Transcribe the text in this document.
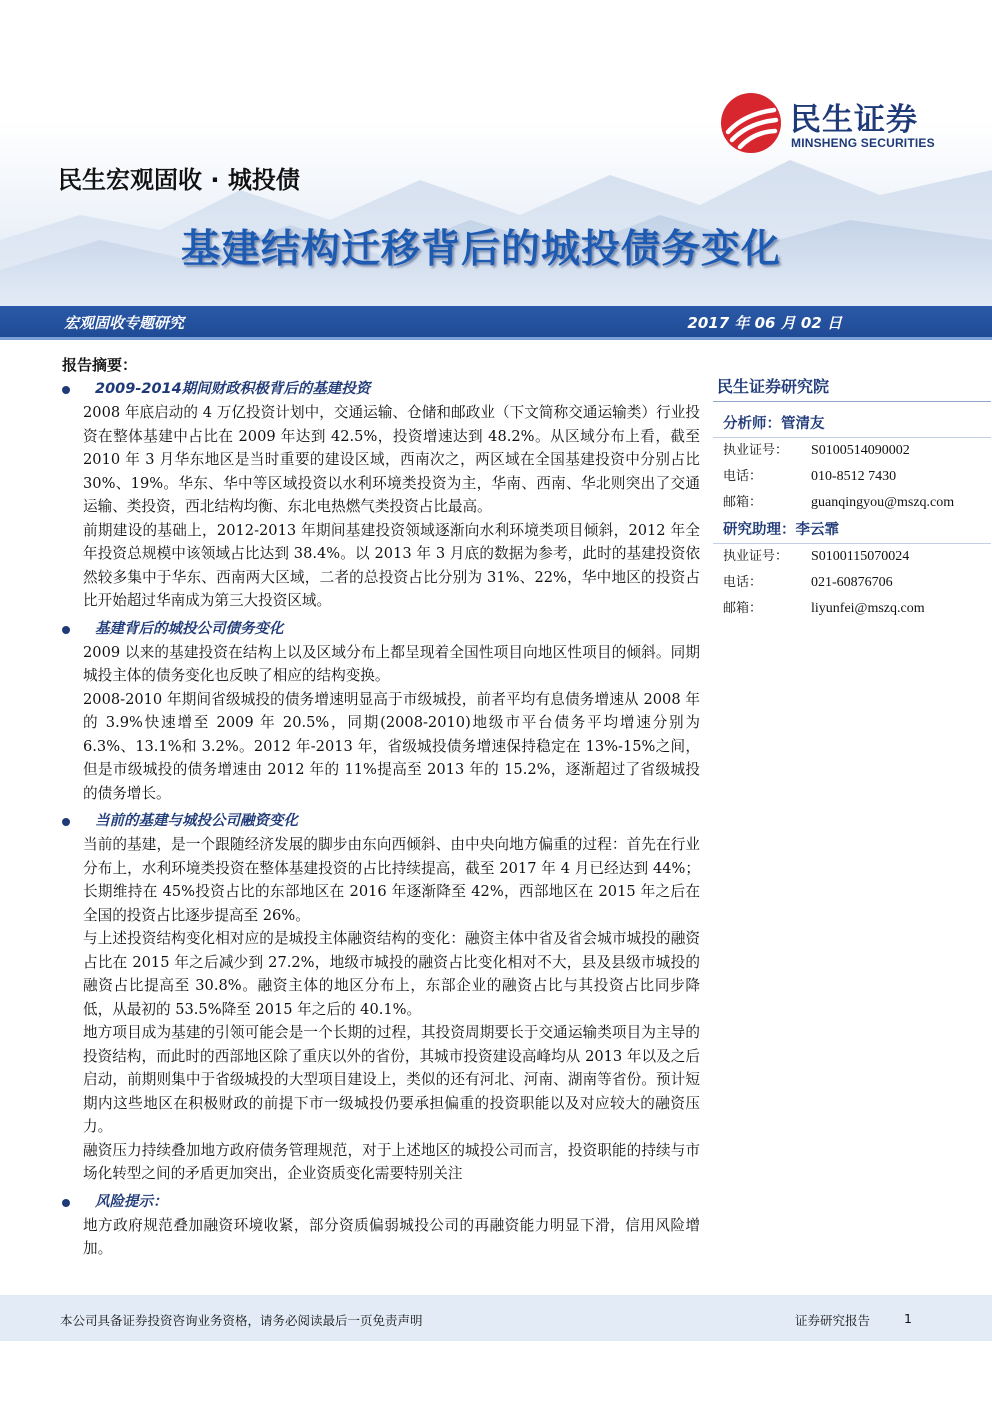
民生证券
MINSHENG SECURITIES
民生宏观固收 · 城投债
基建结构迁移背后的城投债务变化
宏观固收专题研究	2017 年 06 月 02 日
报告摘要：
2009-2014期间财政积极背后的基建投资

2008 年底启动的 4 万亿投资计划中，交通运输、仓储和邮政业（下文简称交通运输类）行业投资在整体基建中占比在 2009 年达到 42.5%，投资增速达到 48.2%。从区域分布上看，截至 2010 年 3 月华东地区是当时重要的建设区域，西南次之，两区域在全国基建投资中分别占比 30%、19%。华东、华中等区域投资以水利环境类投资为主，华南、西南、华北则突出了交通运输、类投资，西北结构均衡、东北电热燃气类投资占比最高。

前期建设的基础上，2012-2013 年期间基建投资领域逐渐向水利环境类项目倾斜，2012 年全年投资总规模中该领域占比达到 38.4%。以 2013 年 3 月底的数据为参考，此时的基建投资依然较多集中于华东、西南两大区域，二者的总投资占比分别为 31%、22%，华中地区的投资占比开始超过华南成为第三大投资区域。

基建背后的城投公司债务变化

2009 以来的基建投资在结构上以及区域分布上都呈现着全国性项目向地区性项目的倾斜。同期城投主体的债务变化也反映了相应的结构变换。

2008-2010 年期间省级城投的债务增速明显高于市级城投，前者平均有息债务增速从 2008 年的 3.9%快速增至 2009 年 20.5%，同期(2008-2010)地级市平台债务平均增速分别为 6.3%、13.1%和 3.2%。2012 年-2013 年，省级城投债务增速保持稳定在 13%-15%之间，但是市级城投的债务增速由 2012 年的 11%提高至 2013 年的 15.2%，逐渐超过了省级城投的债务增长。

当前的基建与城投公司融资变化

当前的基建，是一个跟随经济发展的脚步由东向西倾斜、由中央向地方偏重的过程：首先在行业分布上，水利环境类投资在整体基建投资的占比持续提高，截至 2017 年 4 月已经达到 44%；长期维持在 45%投资占比的东部地区在 2016 年逐渐降至 42%，西部地区在 2015 年之后在全国的投资占比逐步提高至 26%。

与上述投资结构变化相对应的是城投主体融资结构的变化：融资主体中省及省会城市城投的融资占比在 2015 年之后减少到 27.2%，地级市城投的融资占比变化相对不大，县及县级市城投的融资占比提高至 30.8%。融资主体的地区分布上，东部企业的融资占比与其投资占比同步降低，从最初的 53.5%降至 2015 年之后的 40.1%。

地方项目成为基建的引领可能会是一个长期的过程，其投资周期要长于交通运输类项目为主导的投资结构，而此时的西部地区除了重庆以外的省份，其城市投资建设高峰均从 2013 年以及之后启动，前期则集中于省级城投的大型项目建设上，类似的还有河北、河南、湖南等省份。预计短期内这些地区在积极财政的前提下市一级城投仍要承担偏重的投资职能以及对应较大的融资压力。

融资压力持续叠加地方政府债务管理规范，对于上述地区的城投公司而言，投资职能的持续与市场化转型之间的矛盾更加突出，企业资质变化需要特别关注

风险提示：

地方政府规范叠加融资环境收紧，部分资质偏弱城投公司的再融资能力明显下滑，信用风险增加。

民生证券研究院
分析师：管清友
执业证号：	S0100514090002
电话：	010-8512 7430
邮箱：	guanqingyou@mszq.com
研究助理：李云霏
执业证号：	S0100115070024
电话：	021-60876706
邮箱：	liyunfei@mszq.com
本公司具备证券投资咨询业务资格，请务必阅读最后一页免责声明	证券研究报告	1
